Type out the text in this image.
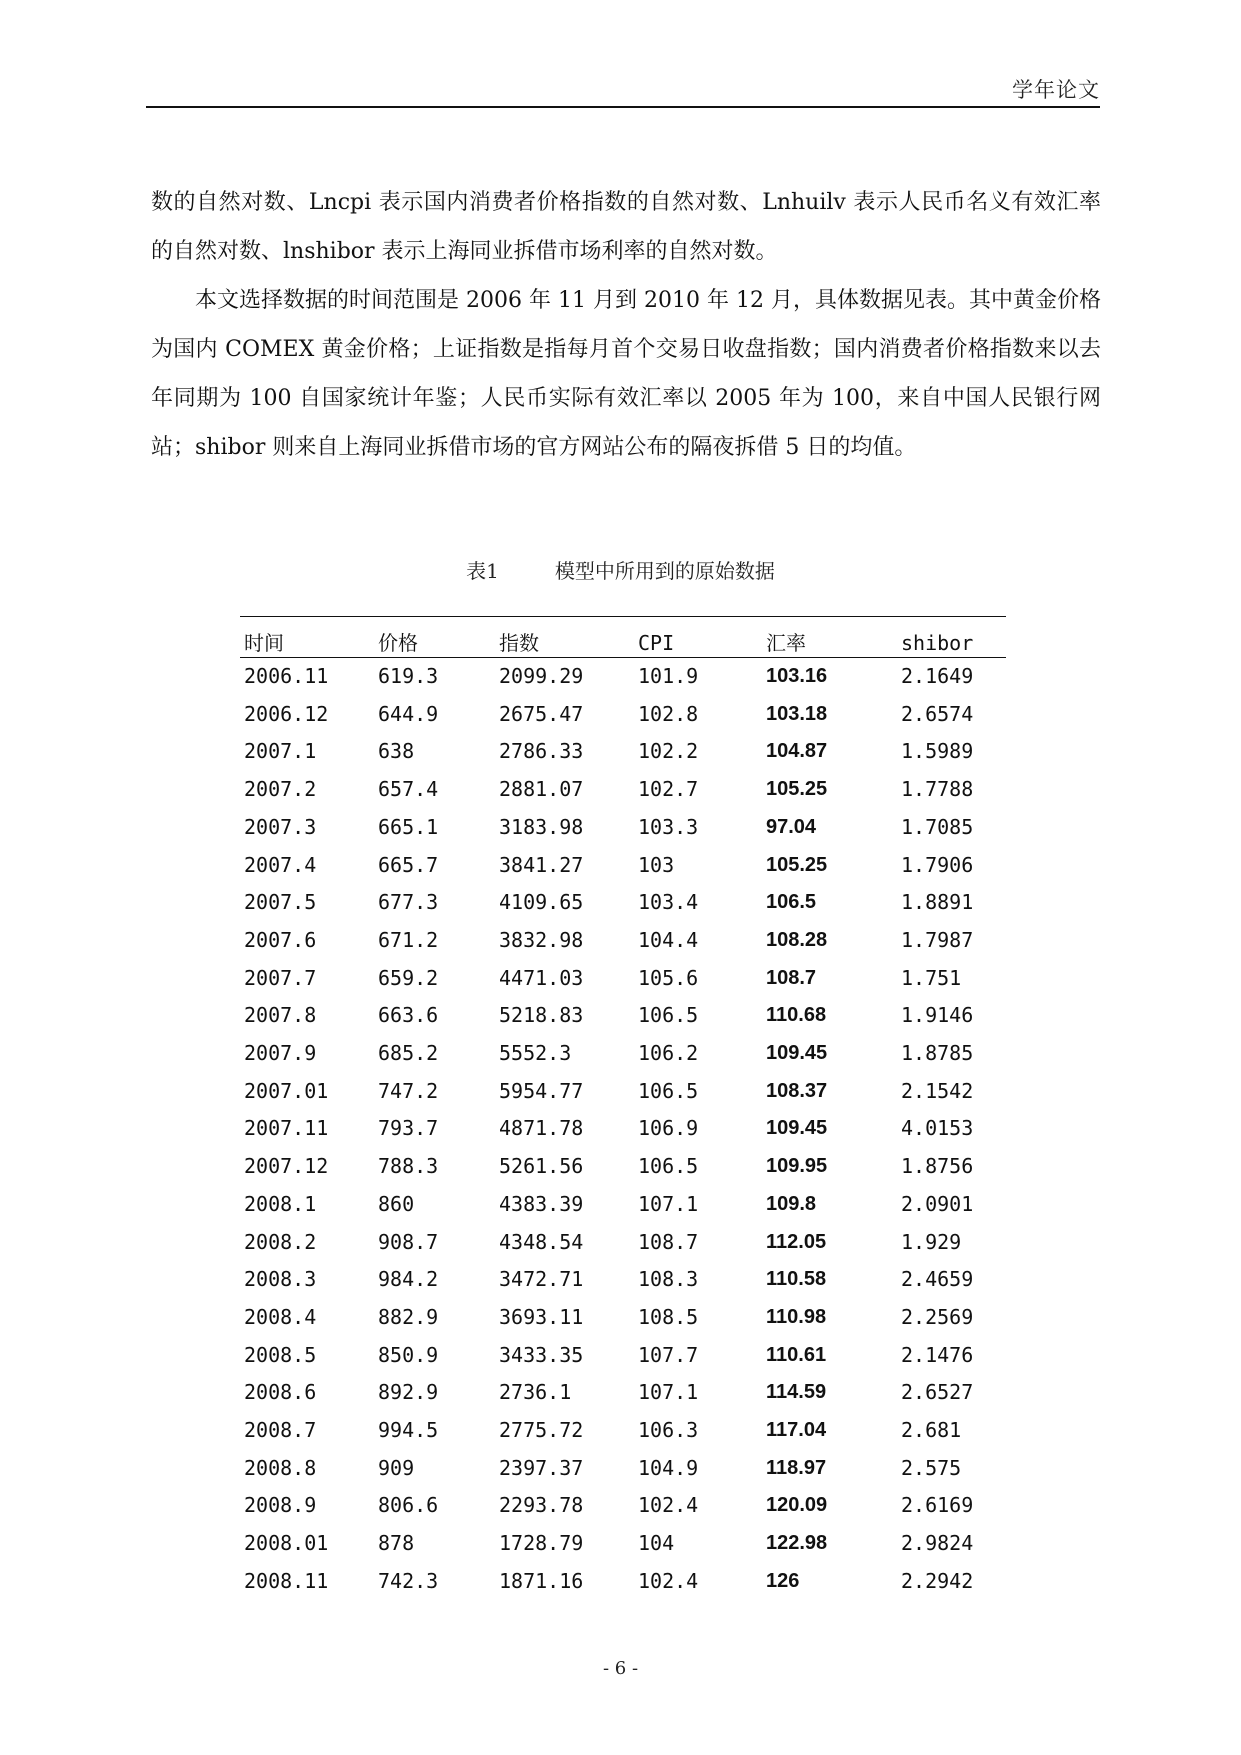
学年论文

数的自然对数、Lncpi 表示国内消费者价格指数的自然对数、Lnhuilv 表示人民币名义有效汇率的自然对数、lnshibor 表示上海同业拆借市场利率的自然对数。

本文选择数据的时间范围是 2006 年 11 月到 2010 年 12 月，具体数据见表。其中黄金价格为国内 COMEX 黄金价格；上证指数是指每月首个交易日收盘指数；国内消费者价格指数来以去年同期为 100 自国家统计年鉴；人民币实际有效汇率以 2005 年为 100，来自中国人民银行网站；shibor 则来自上海同业拆借市场的官方网站公布的隔夜拆借 5 日的均值。

表1	模型中所用到的原始数据
时间	价格	指数	CPI	汇率	shibor
2006.11	619.3	2099.29	101.9	103.16	2.1649
2006.12	644.9	2675.47	102.8	103.18	2.6574
2007.1	638	2786.33	102.2	104.87	1.5989
2007.2	657.4	2881.07	102.7	105.25	1.7788
2007.3	665.1	3183.98	103.3	97.04	1.7085
2007.4	665.7	3841.27	103	105.25	1.7906
2007.5	677.3	4109.65	103.4	106.5	1.8891
2007.6	671.2	3832.98	104.4	108.28	1.7987
2007.7	659.2	4471.03	105.6	108.7	1.751
2007.8	663.6	5218.83	106.5	110.68	1.9146
2007.9	685.2	5552.3	106.2	109.45	1.8785
2007.01	747.2	5954.77	106.5	108.37	2.1542
2007.11	793.7	4871.78	106.9	109.45	4.0153
2007.12	788.3	5261.56	106.5	109.95	1.8756
2008.1	860	4383.39	107.1	109.8	2.0901
2008.2	908.7	4348.54	108.7	112.05	1.929
2008.3	984.2	3472.71	108.3	110.58	2.4659
2008.4	882.9	3693.11	108.5	110.98	2.2569
2008.5	850.9	3433.35	107.7	110.61	2.1476
2008.6	892.9	2736.1	107.1	114.59	2.6527
2008.7	994.5	2775.72	106.3	117.04	2.681
2008.8	909	2397.37	104.9	118.97	2.575
2008.9	806.6	2293.78	102.4	120.09	2.6169
2008.01	878	1728.79	104	122.98	2.9824
2008.11	742.3	1871.16	102.4	126	2.2942
- 6 -
